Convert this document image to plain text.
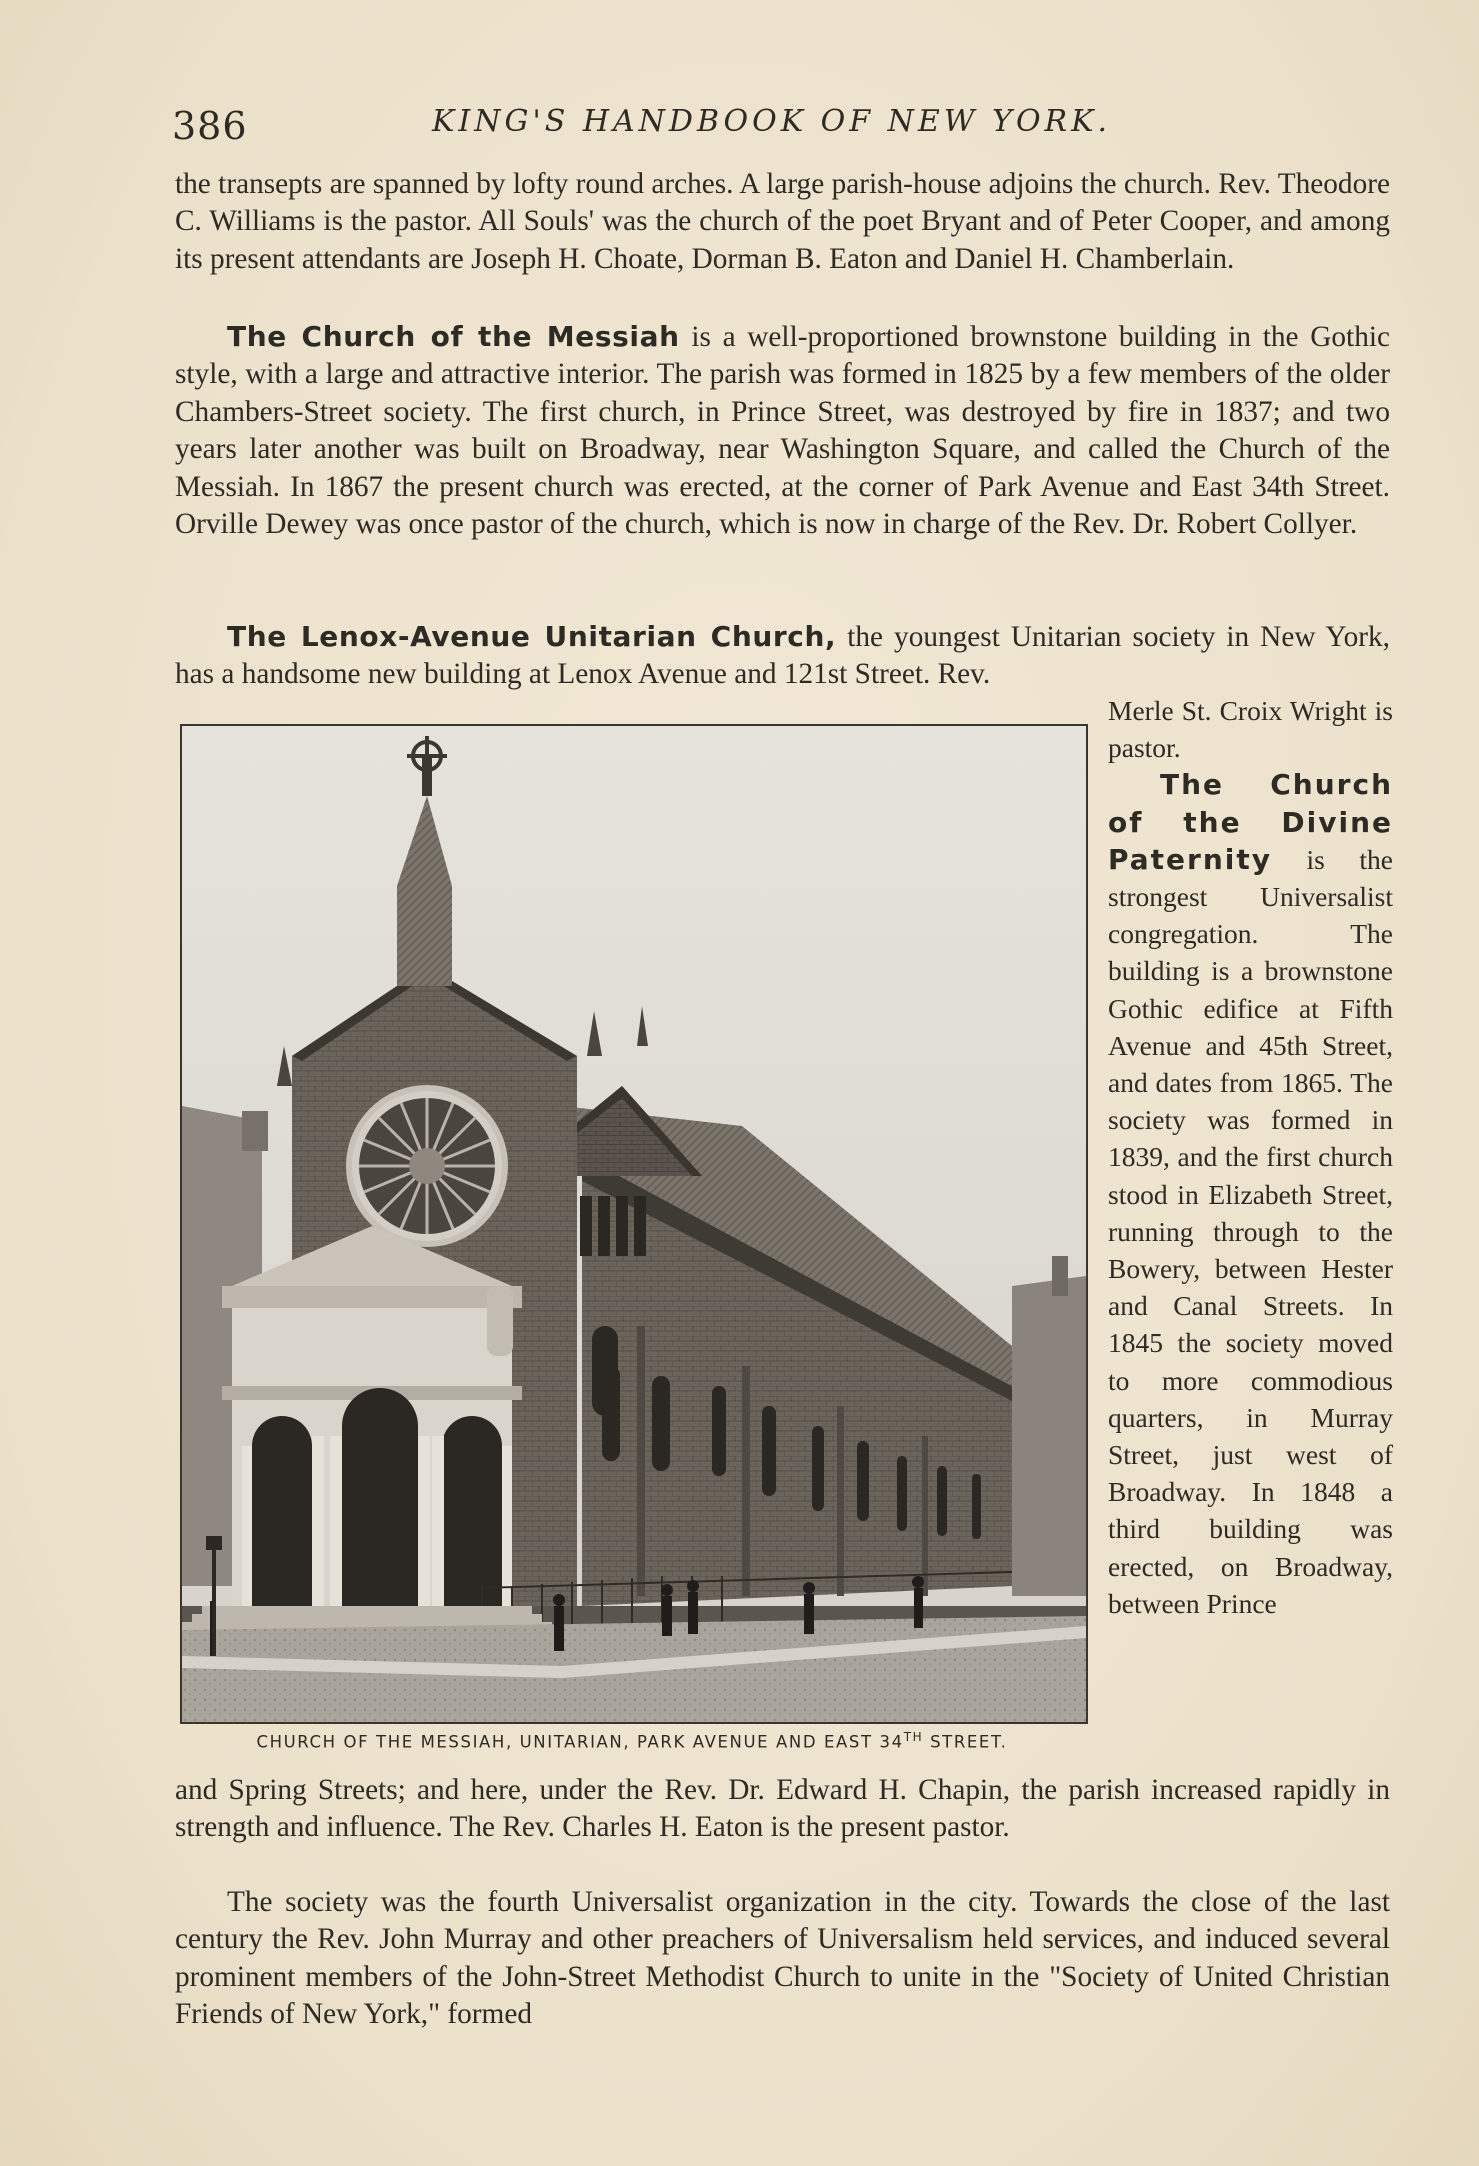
386	KING'S HANDBOOK OF NEW YORK.

the transepts are spanned by lofty round arches. A large parish-house adjoins the church. Rev. Theodore C. Williams is the pastor. All Souls' was the church of the poet Bryant and of Peter Cooper, and among its present attendants are Joseph H. Choate, Dorman B. Eaton and Daniel H. Chamberlain.

The Church of the Messiah is a well-proportioned brownstone building in the Gothic style, with a large and attractive interior. The parish was formed in 1825 by a few members of the older Chambers-Street society. The first church, in Prince Street, was destroyed by fire in 1837; and two years later another was built on Broadway, near Washington Square, and called the Church of the Messiah. In 1867 the present church was erected, at the corner of Park Avenue and East 34th Street. Orville Dewey was once pastor of the church, which is now in charge of the Rev. Dr. Robert Collyer.

The Lenox-Avenue Unitarian Church, the youngest Unitarian society in New York, has a handsome new building at Lenox Avenue and 121st Street. Rev.

CHURCH OF THE MESSIAH, UNITARIAN, PARK AVENUE AND EAST 34TH STREET.

Merle St. Croix Wright is pastor.

The Church of the Divine Paternity is the strongest Universalist congregation. The building is a brownstone Gothic edifice at Fifth Avenue and 45th Street, and dates from 1865. The society was formed in 1839, and the first church stood in Elizabeth Street, running through to the Bowery, between Hester and Canal Streets. In 1845 the society moved to more commodious quarters, in Murray Street, just west of Broadway. In 1848 a third building was erected, on Broadway, between Prince

and Spring Streets; and here, under the Rev. Dr. Edward H. Chapin, the parish increased rapidly in strength and influence. The Rev. Charles H. Eaton is the present pastor.

The society was the fourth Universalist organization in the city. Towards the close of the last century the Rev. John Murray and other preachers of Universalism held services, and induced several prominent members of the John-Street Methodist Church to unite in the "Society of United Christian Friends of New York," formed
